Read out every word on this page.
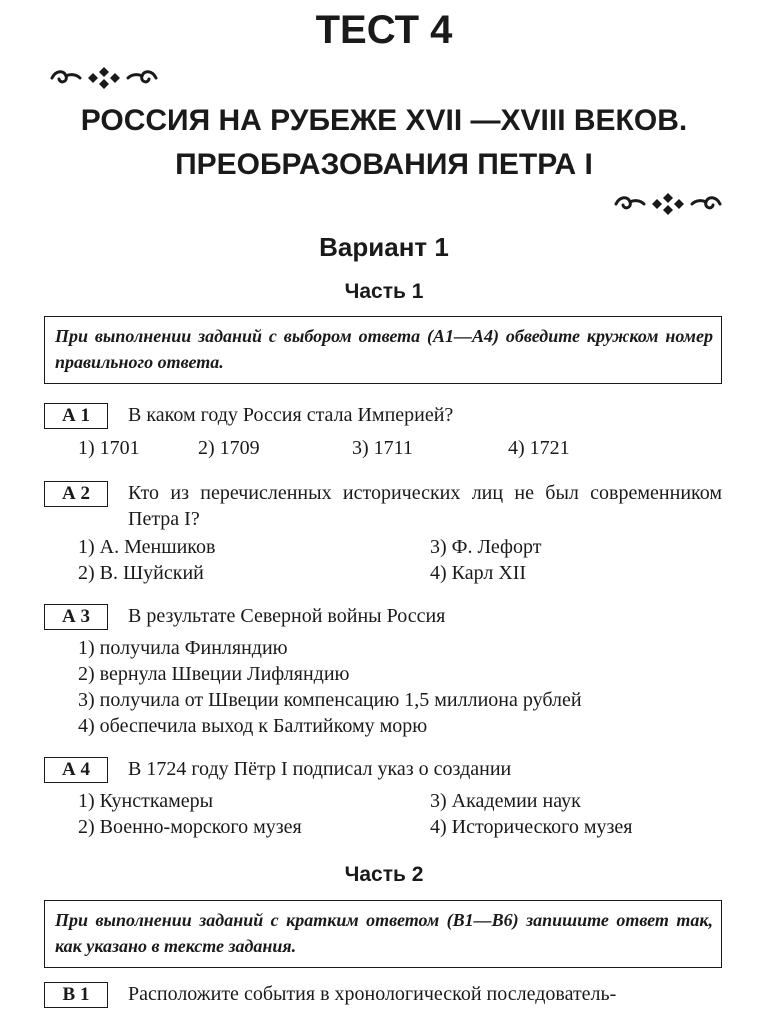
ТЕСТ 4
РОССИЯ НА РУБЕЖЕ XVII —XVIII ВЕКОВ.
ПРЕОБРАЗОВАНИЯ ПЕТРА I
Вариант 1
Часть 1
При выполнении заданий с выбором ответа (А1—А4) обведите кружком номер правильного ответа.
А 1	В каком году Россия стала Империей?
1) 1701	2) 1709	3) 1711	4) 1721
А 2	Кто из перечисленных исторических лиц не был современником Петра I?
1) А. Меншиков
2) В. Шуйский
3) Ф. Лефорт
4) Карл XII
А 3	В результате Северной войны Россия
1) получила Финляндию
2) вернула Швеции Лифляндию
3) получила от Швеции компенсацию 1,5 миллиона рублей
4) обеспечила выход к Балтийкому морю
А 4	В 1724 году Пётр I подписал указ о создании
1) Кунсткамеры
2) Военно-морского музея
3) Академии наук
4) Исторического музея
Часть 2
При выполнении заданий с кратким ответом (В1—В6) запишите ответ так, как указано в тексте задания.
В 1	Расположите события в хронологической последователь-
